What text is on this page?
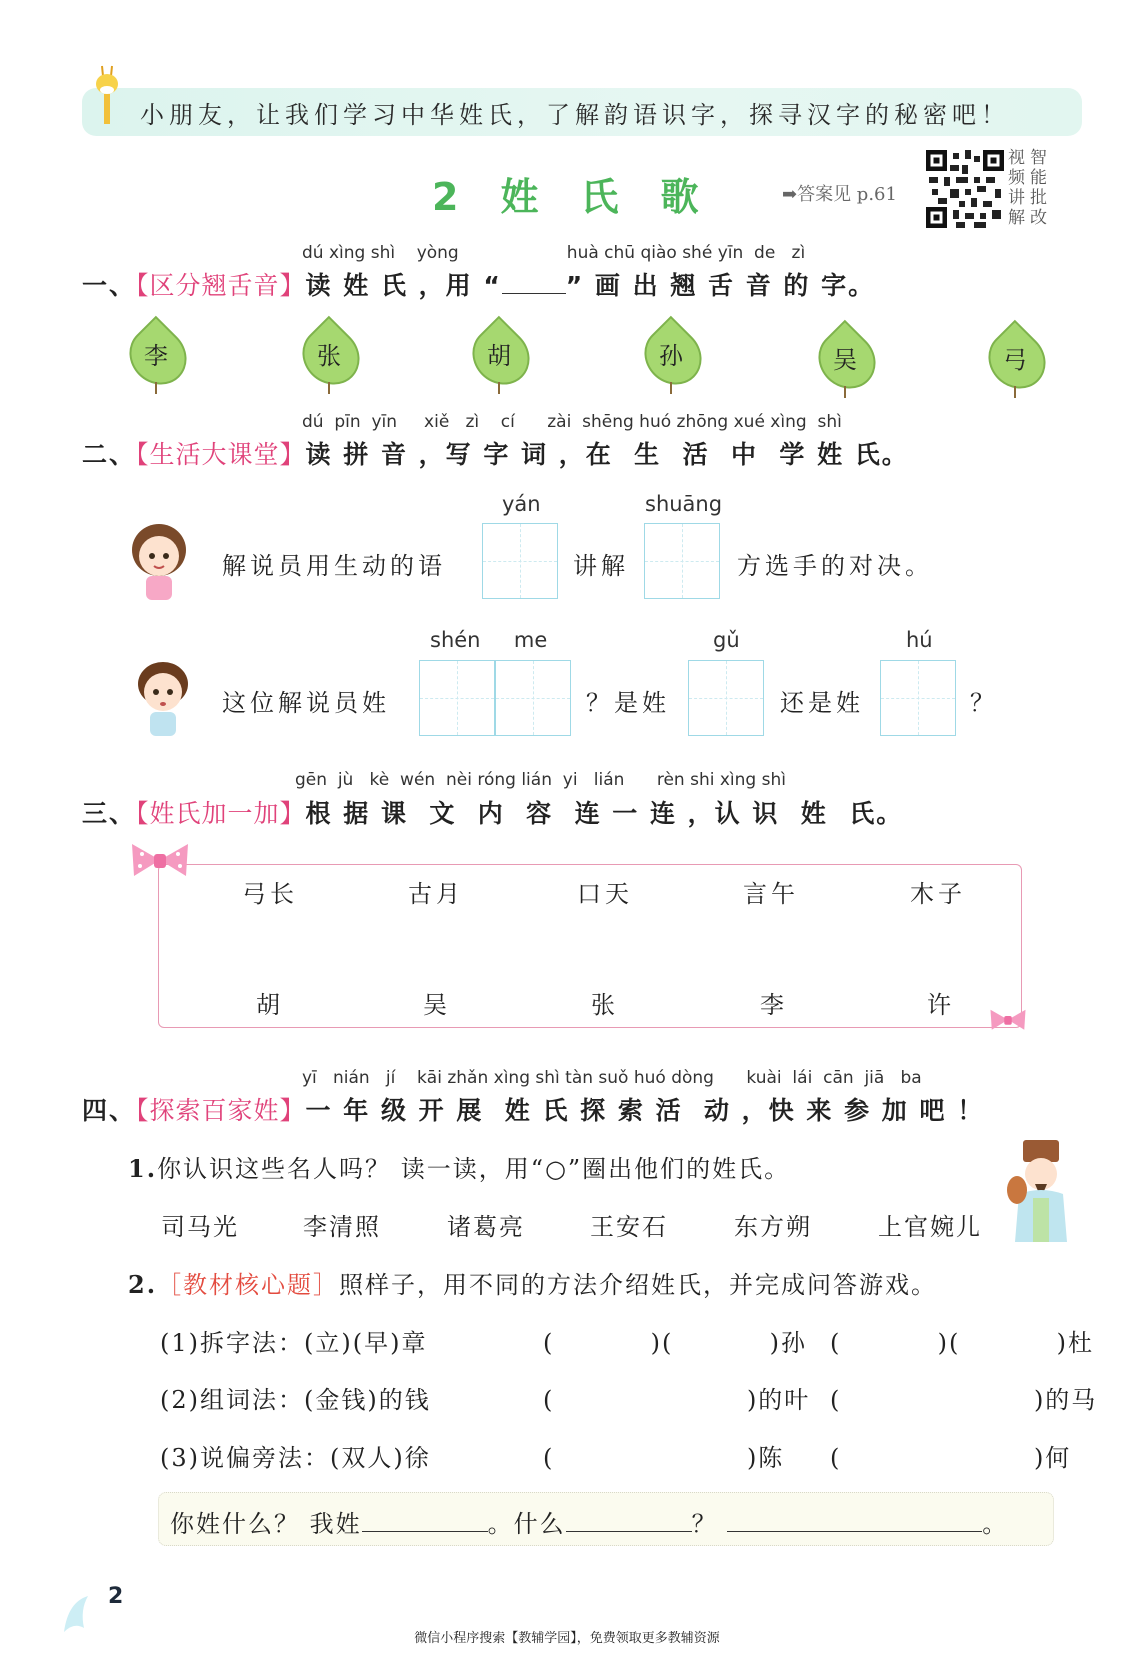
小朋友，让我们学习中华姓氏，了解韵语识字，探寻汉字的秘密吧！
2 姓 氏 歌	➡答案见 p.61
视
频
讲
解
智
能
批
改
dú xìng shì    yòng                    huà chū qiào shé yīn  de   zì
一、【区分翘舌音】读 姓 氏 ，用 “	” 画 出 翘 舌 音 的 字。
李	张	胡	孙	吴	弓
dú  pīn  yīn     xiě   zì    cí      zài  shēng huó zhōng xué xìng  shì
二、【生活大课堂】读 拼 音 ，写 字 词 ，在  生  活  中  学 姓 氏。
解说员用生动的语
yán
讲解
shuāng
方选手的对决。
这位解说员姓
shén     me
？是姓
gǔ
还是姓
hú
？
gēn  jù   kè  wén  nèi róng lián  yi   lián      rèn shi xìng shì
三、【姓氏加一加】根 据 课  文  内  容  连 一 连 ，认 识  姓  氏。
弓长	古月	口天	言午	木子
胡	吴	张	李	许
yī   nián   jí    kāi zhǎn xìng shì tàn suǒ huó dòng      kuài  lái  cān  jiā   ba
四、【探索百家姓】一 年 级 开 展  姓 氏 探 索 活  动 ，快 来 参 加 吧 ！
1.你认识这些名人吗？ 读一读，用“○”圈出他们的姓氏。
司马光	李清照	诸葛亮	王安石	东方朔	上官婉儿
2.［教材核心题］照样子，用不同的方法介绍姓氏，并完成问答游戏。
(1)拆字法：(立)(早)章	(          )(          )孙 (          )(          )杜
(2)组词法：(金钱)的钱	(                    )的叶 (                    )的马
(3)说偏旁法：(双人)徐	(                    )陈 (                    )何
你姓什么？ 我姓	。什么	？	。
2
微信小程序搜索【教辅学园】，免费领取更多教辅资源
